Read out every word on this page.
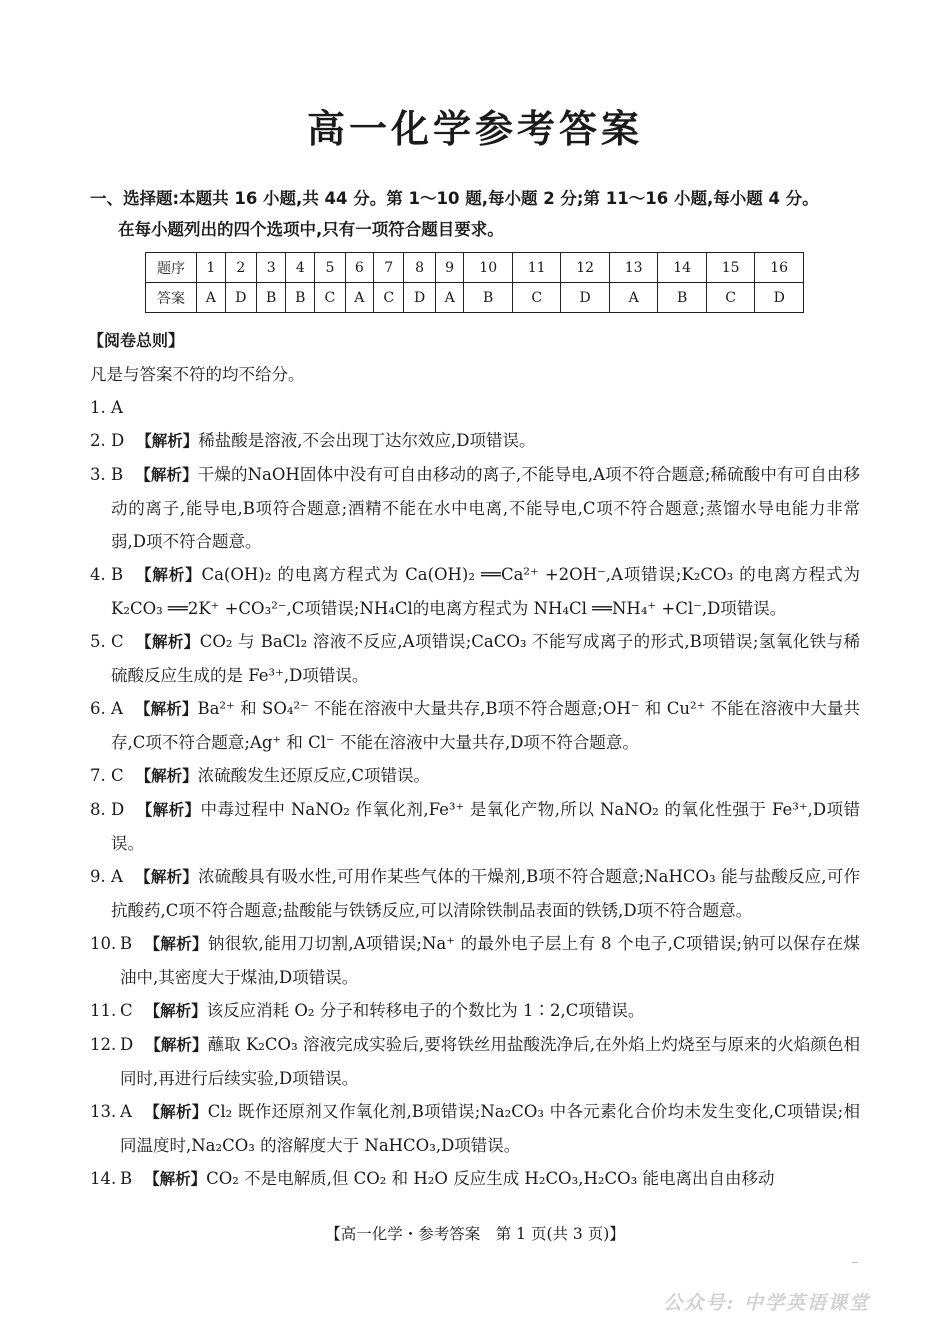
高一化学参考答案
一、选择题:本题共 16 小题,共 44 分。第 1～10 题,每小题 2 分;第 11～16 小题,每小题 4 分。
在每小题列出的四个选项中,只有一项符合题目要求。
题序	1	2	3	4	5	6	7	8	9	10	11	12	13	14	15	16
答案	A	D	B	B	C	A	C	D	A	B	C	D	A	B	C	D
【阅卷总则】
凡是与答案不符的均不给分。
1. A
2. D 【解析】稀盐酸是溶液,不会出现丁达尔效应,D项错误。
3. B 【解析】干燥的NaOH固体中没有可自由移动的离子,不能导电,A项不符合题意;稀硫酸中有可自由移动的离子,能导电,B项符合题意;酒精不能在水中电离,不能导电,C项不符合题意;蒸馏水导电能力非常弱,D项不符合题意。
4. B 【解析】Ca(OH)₂ 的电离方程式为 Ca(OH)₂ ══Ca²⁺ +2OH⁻,A项错误;K₂CO₃ 的电离方程式为 K₂CO₃ ══2K⁺ +CO₃²⁻,C项错误;NH₄Cl的电离方程式为 NH₄Cl ══NH₄⁺ +Cl⁻,D项错误。
5. C 【解析】CO₂ 与 BaCl₂ 溶液不反应,A项错误;CaCO₃ 不能写成离子的形式,B项错误;氢氧化铁与稀硫酸反应生成的是 Fe³⁺,D项错误。
6. A 【解析】Ba²⁺ 和 SO₄²⁻ 不能在溶液中大量共存,B项不符合题意;OH⁻ 和 Cu²⁺ 不能在溶液中大量共存,C项不符合题意;Ag⁺ 和 Cl⁻ 不能在溶液中大量共存,D项不符合题意。
7. C 【解析】浓硫酸发生还原反应,C项错误。
8. D 【解析】中毒过程中 NaNO₂ 作氧化剂,Fe³⁺ 是氧化产物,所以 NaNO₂ 的氧化性强于 Fe³⁺,D项错误。
9. A 【解析】浓硫酸具有吸水性,可用作某些气体的干燥剂,B项不符合题意;NaHCO₃ 能与盐酸反应,可作抗酸药,C项不符合题意;盐酸能与铁锈反应,可以清除铁制品表面的铁锈,D项不符合题意。
10. B 【解析】钠很软,能用刀切割,A项错误;Na⁺ 的最外电子层上有 8 个电子,C项错误;钠可以保存在煤油中,其密度大于煤油,D项错误。
11. C 【解析】该反应消耗 O₂ 分子和转移电子的个数比为 1∶2,C项错误。
12. D 【解析】蘸取 K₂CO₃ 溶液完成实验后,要将铁丝用盐酸洗净后,在外焰上灼烧至与原来的火焰颜色相同时,再进行后续实验,D项错误。
13. A 【解析】Cl₂ 既作还原剂又作氧化剂,B项错误;Na₂CO₃ 中各元素化合价均未发生变化,C项错误;相同温度时,Na₂CO₃ 的溶解度大于 NaHCO₃,D项错误。
14. B 【解析】CO₂ 不是电解质,但 CO₂ 和 H₂O 反应生成 H₂CO₃,H₂CO₃ 能电离出自由移动
【高一化学・参考答案　第 1 页(共 3 页)】
公众号: 中学英语课堂
